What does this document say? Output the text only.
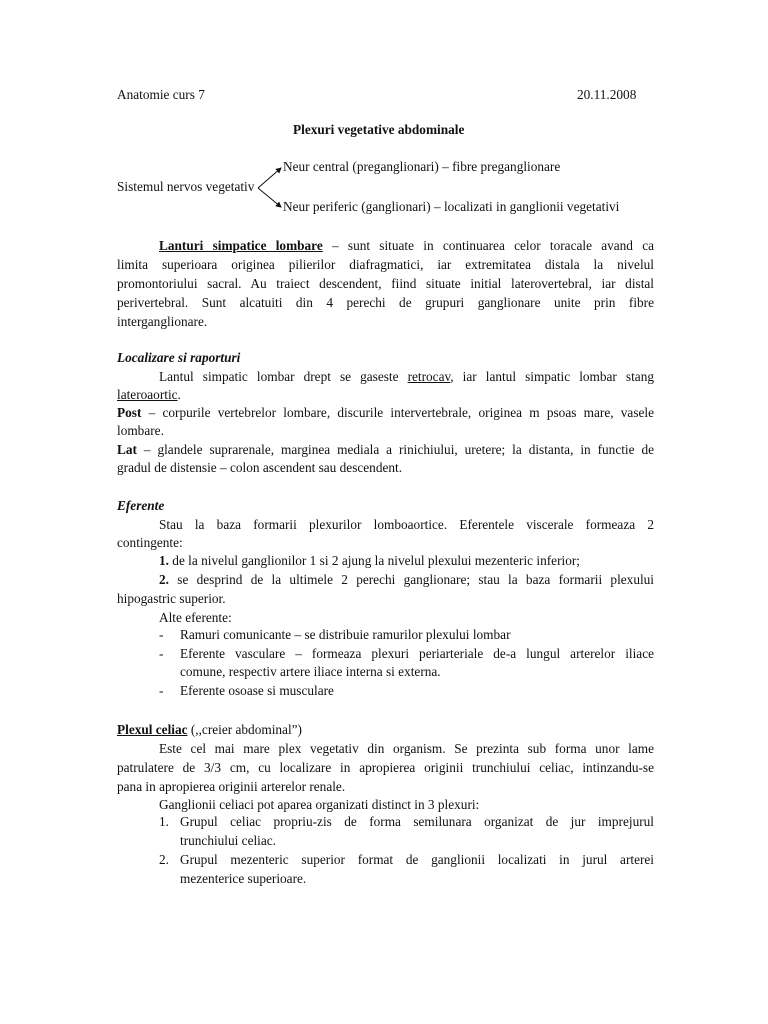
Anatomie curs 7	20.11.2008
Plexuri vegetative abdominale
Neur central (preganglionari) – fibre preganglionare
Sistemul nervos vegetativ
Neur periferic (ganglionari) – localizati in ganglionii vegetativi
Lanturi simpatice lombare – sunt situate in continuarea celor toracale avand ca
limita superioara originea pilierilor diafragmatici, iar extremitatea distala la nivelul
promontoriului sacral. Au traiect descendent, fiind situate initial laterovertebral, iar distal
perivertebral. Sunt alcatuiti din 4 perechi de grupuri ganglionare unite prin fibre
interganglionare.
Localizare si raporturi
Lantul simpatic lombar drept se gaseste retrocav, iar lantul simpatic lombar stang
lateroaortic.
Post – corpurile vertebrelor lombare, discurile intervertebrale, originea m psoas mare, vasele
lombare.
Lat – glandele suprarenale, marginea mediala a rinichiului, uretere; la distanta, in functie de
gradul de distensie – colon ascendent sau descendent.
Eferente
Stau la baza formarii plexurilor lomboaortice. Eferentele viscerale formeaza 2
contingente:
1. de la nivelul ganglionilor 1 si 2 ajung la nivelul plexului mezenteric inferior;
2. se desprind de la ultimele 2 perechi ganglionare; stau la baza formarii plexului
hipogastric superior.
Alte eferente:
-	Ramuri comunicante – se distribuie ramurilor plexului lombar
-	Eferente vasculare – formeaza plexuri periarteriale de-a lungul arterelor iliace
comune, respectiv artere iliace interna si externa.
-	Eferente osoase si musculare
Plexul celiac (,,creier abdominal”)
Este cel mai mare plex vegetativ din organism. Se prezinta sub forma unor lame
patrulatere de 3/3 cm, cu localizare in apropierea originii trunchiului celiac, intinzandu-se
pana in apropierea originii arterelor renale.
Ganglionii celiaci pot aparea organizati distinct in 3 plexuri:
1. Grupul celiac propriu-zis de forma semilunara organizat de jur imprejurul
trunchiului celiac.
2. Grupul mezenteric superior format de ganglionii localizati in jurul arterei
mezenterice superioare.
